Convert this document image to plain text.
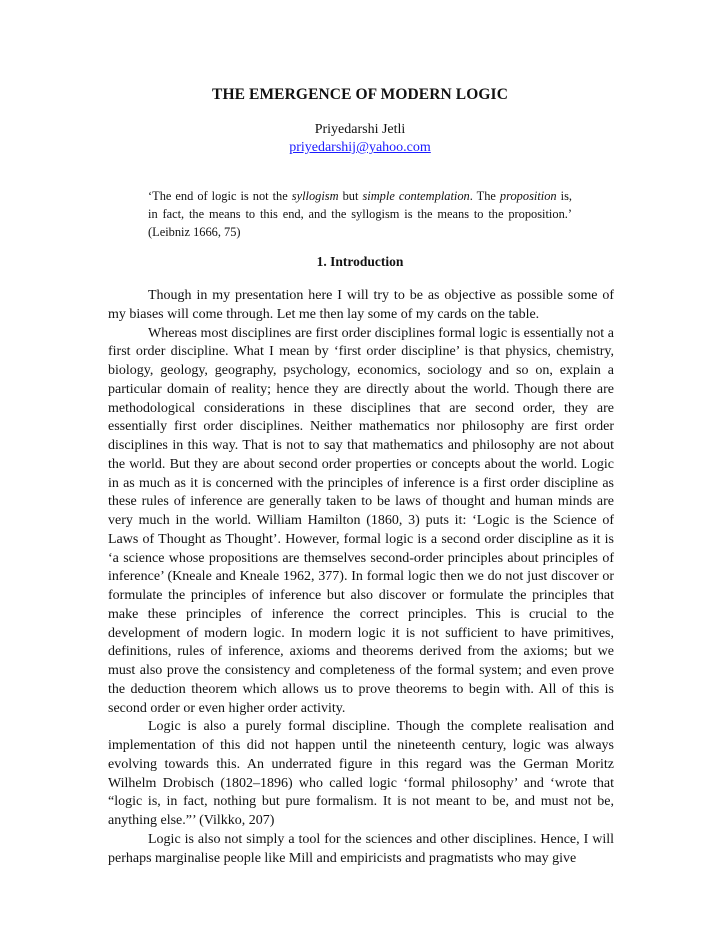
THE EMERGENCE OF MODERN LOGIC
Priyedarshi Jetli
priyedarshij@yahoo.com
‘The end of logic is not the syllogism but simple contemplation. The proposition is, in fact, the means to this end, and the syllogism is the means to the proposition.’ (Leibniz 1666, 75)
1. Introduction

Though in my presentation here I will try to be as objective as possible some of my biases will come through. Let me then lay some of my cards on the table.

Whereas most disciplines are first order disciplines formal logic is essentially not a first order discipline. What I mean by ‘first order discipline’ is that physics, chemistry, biology, geology, geography, psychology, economics, sociology and so on, explain a particular domain of reality; hence they are directly about the world. Though there are methodological considerations in these disciplines that are second order, they are essentially first order disciplines. Neither mathematics nor philosophy are first order disciplines in this way. That is not to say that mathematics and philosophy are not about the world. But they are about second order properties or concepts about the world. Logic in as much as it is concerned with the principles of inference is a first order discipline as these rules of inference are generally taken to be laws of thought and human minds are very much in the world. William Hamilton (1860, 3) puts it: ‘Logic is the Science of Laws of Thought as Thought’. However, formal logic is a second order discipline as it is ‘a science whose propositions are themselves second-order principles about principles of inference’ (Kneale and Kneale 1962, 377). In formal logic then we do not just discover or formulate the principles of inference but also discover or formulate the principles that make these principles of inference the correct principles. This is crucial to the development of modern logic. In modern logic it is not sufficient to have primitives, definitions, rules of inference, axioms and theorems derived from the axioms; but we must also prove the consistency and completeness of the formal system; and even prove the deduction theorem which allows us to prove theorems to begin with. All of this is second order or even higher order activity.

Logic is also a purely formal discipline. Though the complete realisation and implementation of this did not happen until the nineteenth century, logic was always evolving towards this. An underrated figure in this regard was the German Moritz Wilhelm Drobisch (1802–1896) who called logic ‘formal philosophy’ and ‘wrote that “logic is, in fact, nothing but pure formalism. It is not meant to be, and must not be, anything else.”’ (Vilkko, 207)

Logic is also not simply a tool for the sciences and other disciplines. Hence, I will perhaps marginalise people like Mill and empiricists and pragmatists who may give
